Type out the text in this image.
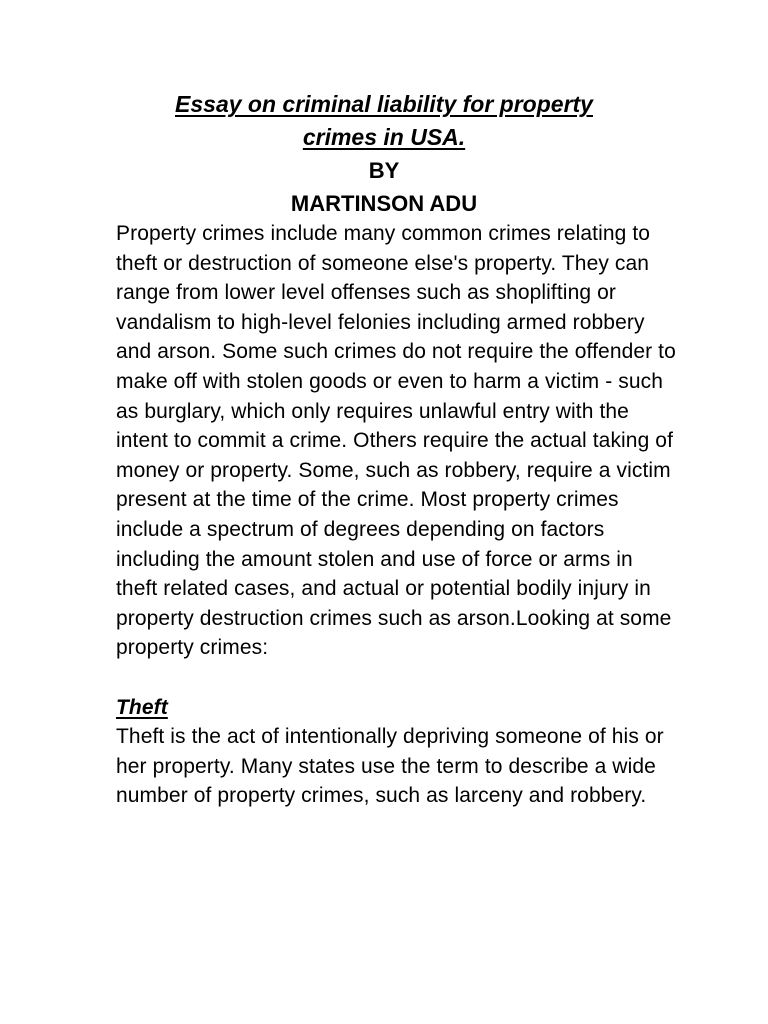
Essay on criminal liability for property
crimes in USA.
BY
MARTINSON ADU

Property crimes include many common crimes relating to theft or destruction of someone else's property. They can range from lower level offenses such as shoplifting or vandalism to high-level felonies including armed robbery and arson. Some such crimes do not require the offender to make off with stolen goods or even to harm a victim - such as burglary, which only requires unlawful entry with the intent to commit a crime. Others require the actual taking of money or property. Some, such as robbery, require a victim present at the time of the crime. Most property crimes include a spectrum of degrees depending on factors including the amount stolen and use of force or arms in theft related cases, and actual or potential bodily injury in property destruction crimes such as arson.Looking at some property crimes:

Theft

Theft is the act of intentionally depriving someone of his or her property. Many states use the term to describe a wide number of property crimes, such as larceny and robbery.
